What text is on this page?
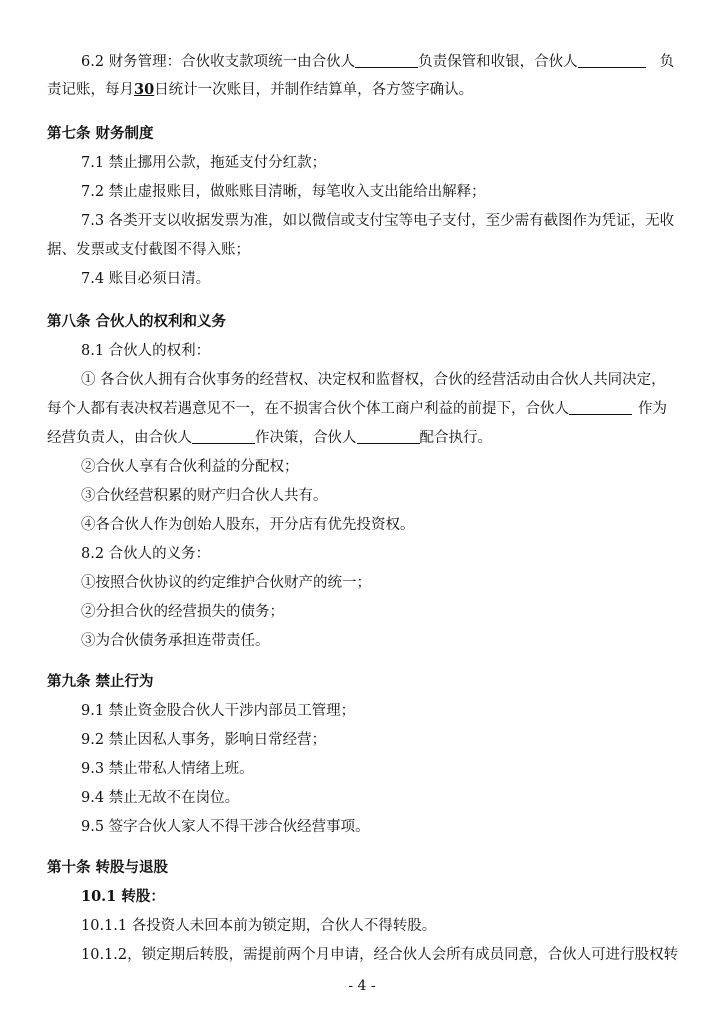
6.2 财务管理：合伙收支款项统一由合伙人	负责保管和收银，合伙人	负
责记账，每月30日统计一次账目，并制作结算单，各方签字确认。
第七条 财务制度
7.1 禁止挪用公款，拖延支付分红款；
7.2 禁止虚报账目，做账账目清晰，每笔收入支出能给出解释；
7.3 各类开支以收据发票为准，如以微信或支付宝等电子支付，至少需有截图作为凭证，无收
据、发票或支付截图不得入账；
7.4 账目必须日清。
第八条 合伙人的权利和义务
8.1 合伙人的权利：
① 各合伙人拥有合伙事务的经营权、决定权和监督权，合伙的经营活动由合伙人共同决定，
每个人都有表决权若遇意见不一，在不损害合伙个体工商户利益的前提下，合伙人	作为
经营负责人，由合伙人	作决策，合伙人	配合执行。
②合伙人享有合伙利益的分配权；
③合伙经营积累的财产归合伙人共有。
④各合伙人作为创始人股东，开分店有优先投资权。
8.2 合伙人的义务：
①按照合伙协议的约定维护合伙财产的统一；
②分担合伙的经营损失的债务；
③为合伙债务承担连带责任。
第九条 禁止行为
9.1 禁止资金股合伙人干涉内部员工管理；
9.2 禁止因私人事务，影响日常经营；
9.3 禁止带私人情绪上班。
9.4 禁止无故不在岗位。
9.5 签字合伙人家人不得干涉合伙经营事项。
第十条 转股与退股
10.1 转股：
10.1.1 各投资人未回本前为锁定期，合伙人不得转股。
10.1.2，锁定期后转股，需提前两个月申请，经合伙人会所有成员同意，合伙人可进行股权转
- 4 -
